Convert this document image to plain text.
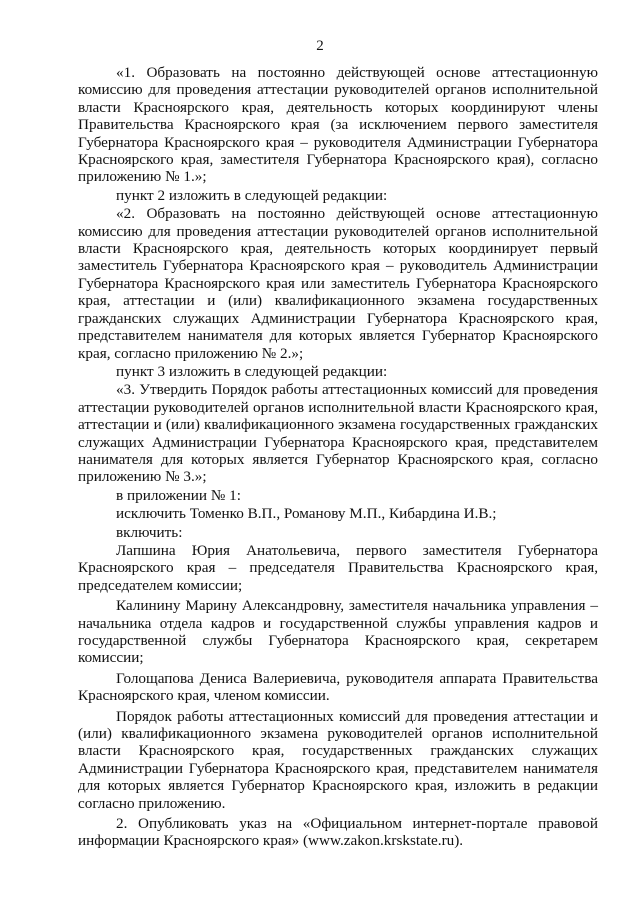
2

«1. Образовать на постоянно действующей основе аттестационную комиссию для проведения аттестации руководителей органов исполнительной власти Красноярского края, деятельность которых координируют члены Правительства Красноярского края (за исключением первого заместителя Губернатора Красноярского края – руководителя Администрации Губернатора Красноярского края, заместителя Губернатора Красноярского края), согласно приложению № 1.»;

пункт 2 изложить в следующей редакции:

«2. Образовать на постоянно действующей основе аттестационную комиссию для проведения аттестации руководителей органов исполнительной власти Красноярского края, деятельность которых координирует первый заместитель Губернатора Красноярского края – руководитель Администрации Губернатора Красноярского края или заместитель Губернатора Красноярского края, аттестации и (или) квалификационного экзамена государственных гражданских служащих Администрации Губернатора Красноярского края, представителем нанимателя для которых является Губернатор Красноярского края, согласно приложению № 2.»;

пункт 3 изложить в следующей редакции:

«3. Утвердить Порядок работы аттестационных комиссий для проведения аттестации руководителей органов исполнительной власти Красноярского края, аттестации и (или) квалификационного экзамена государственных гражданских служащих Администрации Губернатора Красноярского края, представителем нанимателя для которых является Губернатор Красноярского края, согласно приложению № 3.»;

в приложении № 1:

исключить Томенко В.П., Романову М.П., Кибардина И.В.;

включить:

Лапшина Юрия Анатольевича, первого заместителя Губернатора Красноярского края – председателя Правительства Красноярского края, председателем комиссии;

Калинину Марину Александровну, заместителя начальника управления – начальника отдела кадров и государственной службы управления кадров и государственной службы Губернатора Красноярского края, секретарем комиссии;

Голощапова Дениса Валериевича, руководителя аппарата Правительства Красноярского края, членом комиссии.

Порядок работы аттестационных комиссий для проведения аттестации и (или) квалификационного экзамена руководителей органов исполнительной власти Красноярского края, государственных гражданских служащих Администрации Губернатора Красноярского края, представителем нанимателя для которых является Губернатор Красноярского края, изложить в редакции согласно приложению.

2. Опубликовать указ на «Официальном интернет-портале правовой информации Красноярского края» (www.zakon.krskstate.ru).
